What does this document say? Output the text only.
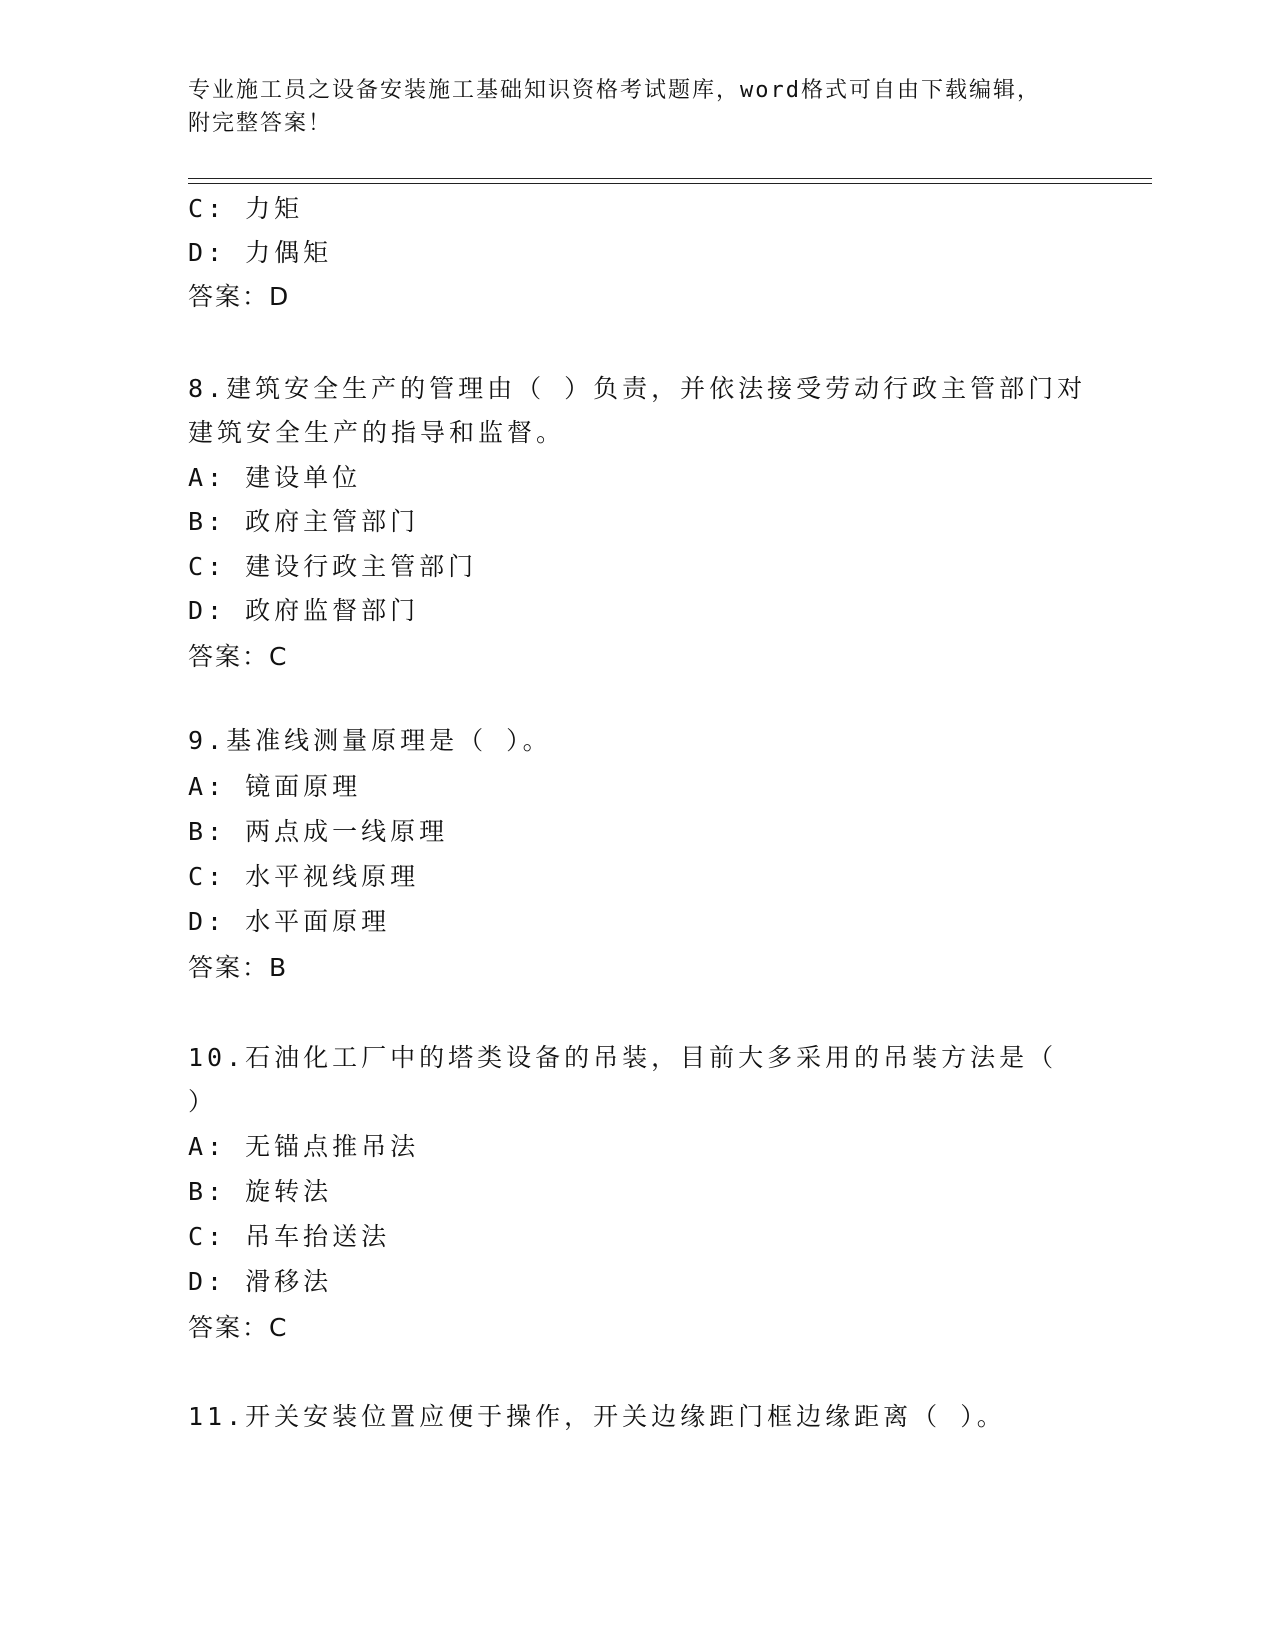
专业施工员之设备安装施工基础知识资格考试题库，word格式可自由下载编辑，
附完整答案！
C: 力矩
D: 力偶矩
答案：D
8.建筑安全生产的管理由（ ）负责，并依法接受劳动行政主管部门对
建筑安全生产的指导和监督。
A: 建设单位
B: 政府主管部门
C: 建设行政主管部门
D: 政府监督部门
答案：C
9.基准线测量原理是（ ）。
A: 镜面原理
B: 两点成一线原理
C: 水平视线原理
D: 水平面原理
答案：B
10.石油化工厂中的塔类设备的吊装，目前大多采用的吊装方法是（
）
A: 无锚点推吊法
B: 旋转法
C: 吊车抬送法
D: 滑移法
答案：C
11.开关安装位置应便于操作，开关边缘距门框边缘距离（ ）。
